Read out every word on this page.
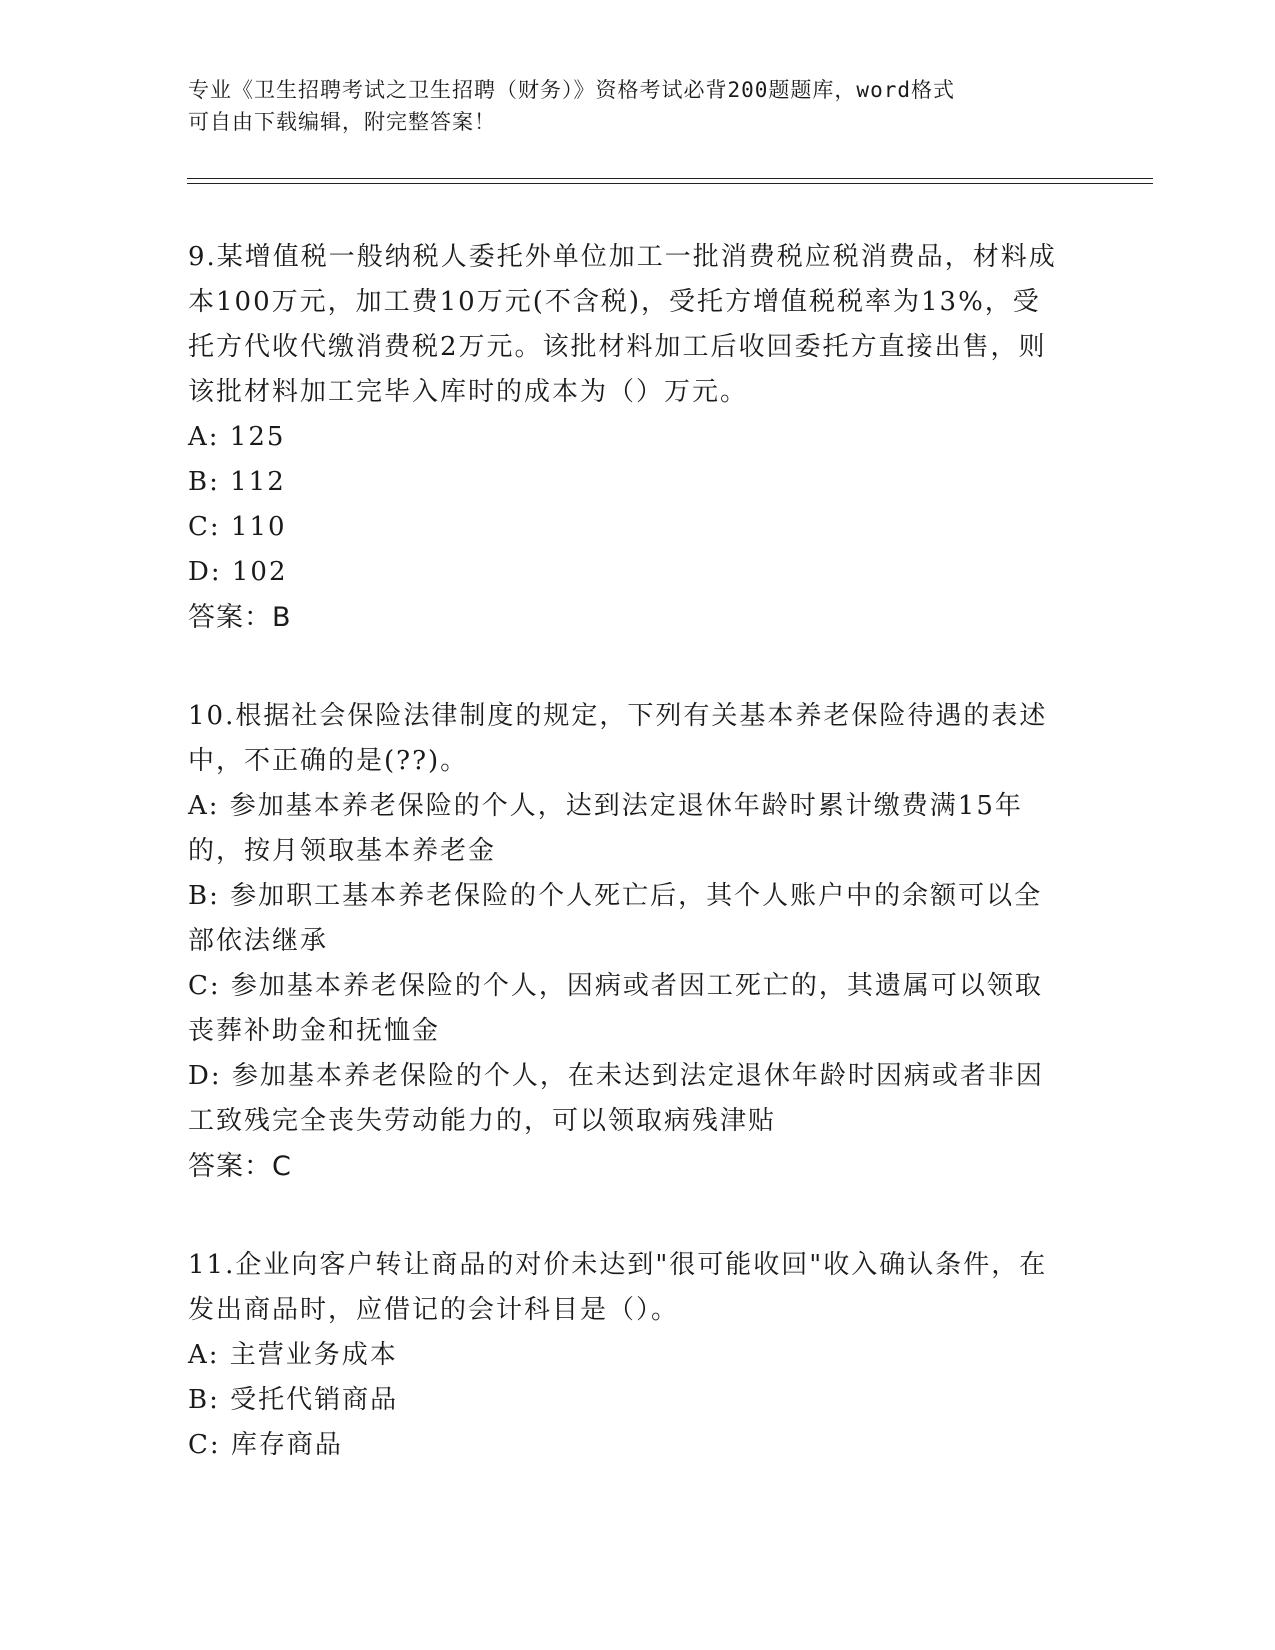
专业《卫生招聘考试之卫生招聘（财务）》资格考试必背200题题库，word格式
可自由下载编辑，附完整答案！

9.某增值税一般纳税人委托外单位加工一批消费税应税消费品，材料成本100万元，加工费10万元(不含税)，受托方增值税税率为13%，受托方代收代缴消费税2万元。该批材料加工后收回委托方直接出售，则该批材料加工完毕入库时的成本为（）万元。

A: 125

B: 112

C: 110

D: 102

答案：B

10.根据社会保险法律制度的规定，下列有关基本养老保险待遇的表述中，不正确的是(??)。

A: 参加基本养老保险的个人，达到法定退休年龄时累计缴费满15年的，按月领取基本养老金

B: 参加职工基本养老保险的个人死亡后，其个人账户中的余额可以全部依法继承

C: 参加基本养老保险的个人，因病或者因工死亡的，其遗属可以领取丧葬补助金和抚恤金

D: 参加基本养老保险的个人，在未达到法定退休年龄时因病或者非因工致残完全丧失劳动能力的，可以领取病残津贴

答案：C

11.企业向客户转让商品的对价未达到"很可能收回"收入确认条件，在发出商品时，应借记的会计科目是（）。

A: 主营业务成本

B: 受托代销商品

C: 库存商品
